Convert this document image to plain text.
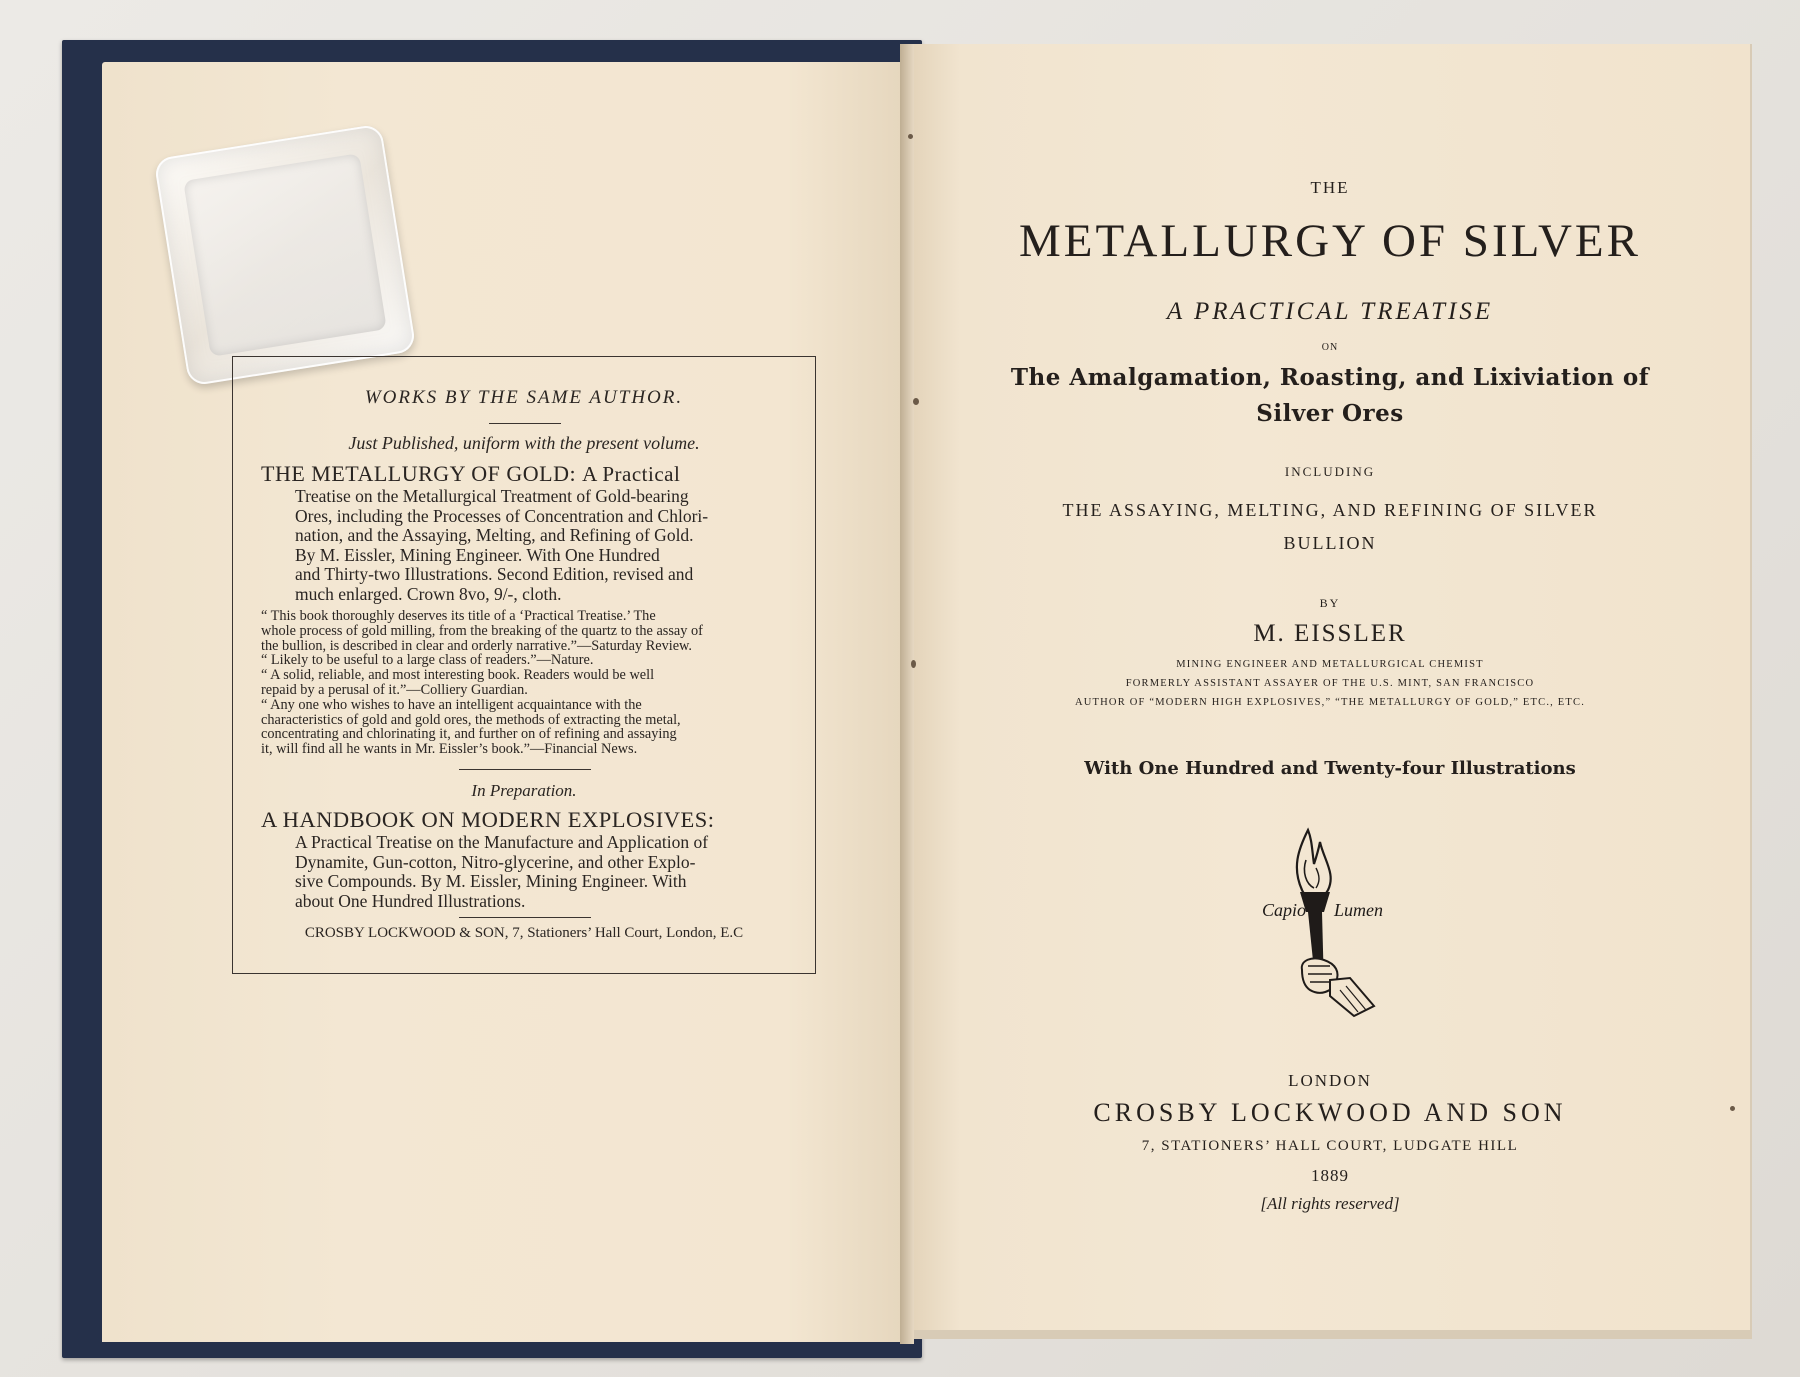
WORKS BY THE SAME AUTHOR.
Just Published, uniform with the present volume.
THE METALLURGY OF GOLD: A Practical
Treatise on the Metallurgical Treatment of Gold-bearing
Ores, including the Processes of Concentration and Chlori-
nation, and the Assaying, Melting, and Refining of Gold.
By M. Eissler, Mining Engineer. With One Hundred
and Thirty-two Illustrations. Second Edition, revised and
much enlarged. Crown 8vo, 9/-, cloth.
“ This book thoroughly deserves its title of a ‘Practical Treatise.’ The
whole process of gold milling, from the breaking of the quartz to the assay of
the bullion, is described in clear and orderly narrative.”—Saturday Review.
“ Likely to be useful to a large class of readers.”—Nature.
“ A solid, reliable, and most interesting book. Readers would be well
repaid by a perusal of it.”—Colliery Guardian.
“ Any one who wishes to have an intelligent acquaintance with the
characteristics of gold and gold ores, the methods of extracting the metal,
concentrating and chlorinating it, and further on of refining and assaying
it, will find all he wants in Mr. Eissler’s book.”—Financial News.
In Preparation.
A HANDBOOK ON MODERN EXPLOSIVES:
A Practical Treatise on the Manufacture and Application of
Dynamite, Gun-cotton, Nitro-glycerine, and other Explo-
sive Compounds. By M. Eissler, Mining Engineer. With
about One Hundred Illustrations.
CROSBY LOCKWOOD & SON, 7, Stationers’ Hall Court, London, E.C
THE
METALLURGY OF SILVER
A PRACTICAL TREATISE
ON
The Amalgamation, Roasting, and Lixiviation of
Silver Ores
INCLUDING
THE ASSAYING, MELTING, AND REFINING OF SILVER
BULLION
BY
M. EISSLER
MINING ENGINEER AND METALLURGICAL CHEMIST
FORMERLY ASSISTANT ASSAYER OF THE U.S. MINT, SAN FRANCISCO
AUTHOR OF “MODERN HIGH EXPLOSIVES,” “THE METALLURGY OF GOLD,” ETC., ETC.
With One Hundred and Twenty-four Illustrations
Capio Lumen
LONDON
CROSBY LOCKWOOD AND SON
7, STATIONERS’ HALL COURT, LUDGATE HILL
1889
[All rights reserved]
